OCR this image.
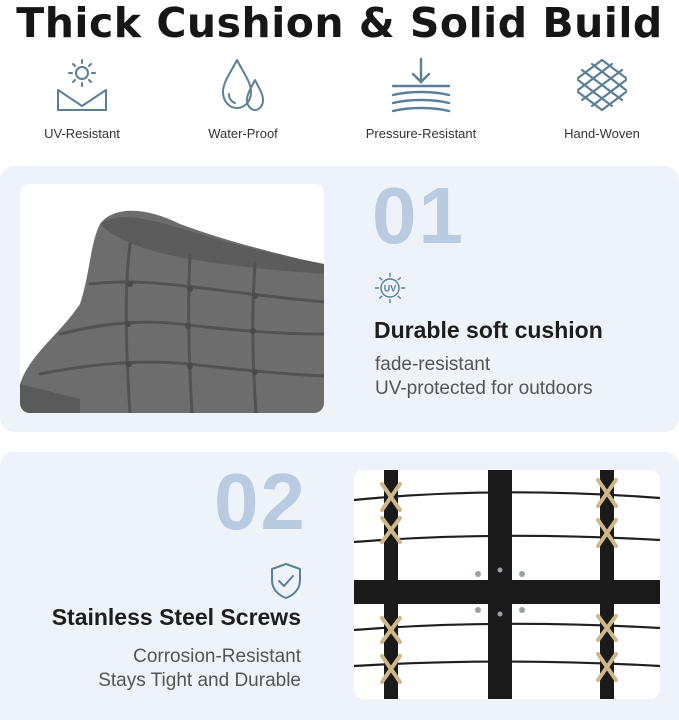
Thick Cushion & Solid Build
UV-Resistant	Water-Proof	Pressure-Resistant	Hand-Woven
01
UV
Durable soft cushion
fade-resistant
UV-protected for outdoors
02
Stainless Steel Screws
Corrosion-Resistant
Stays Tight and Durable
